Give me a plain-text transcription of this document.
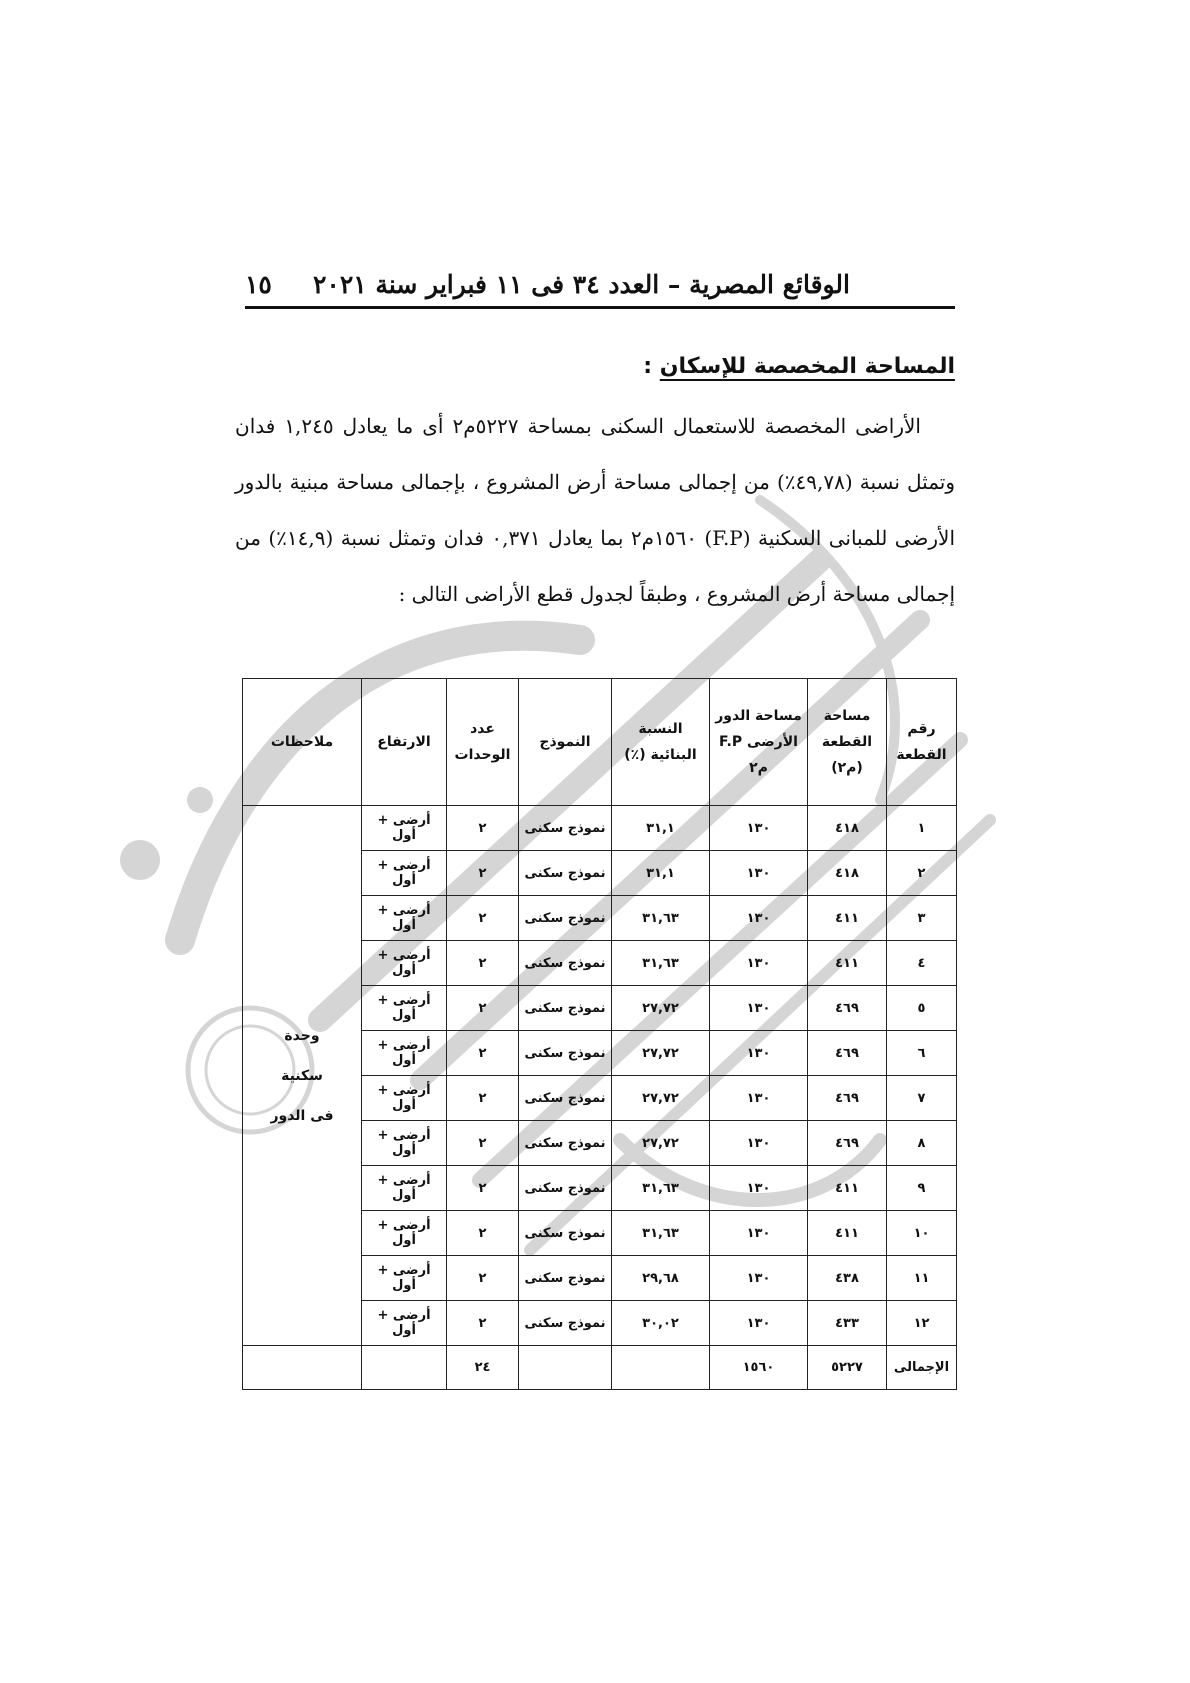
الوقائع المصرية – العدد ٣٤ فى ١١ فبراير سنة ٢٠٢١
١٥
المساحة المخصصة للإسكان :

الأراضى المخصصة للاستعمال السكنى بمساحة ٥٢٢٧م٢ أى ما يعادل ١,٢٤٥ فدان وتمثل نسبة (٤٩,٧٨٪) من إجمالى مساحة أرض المشروع ، بإجمالى مساحة مبنية بالدور الأرضى للمبانى السكنية (F.P) ١٥٦٠م٢ بما يعادل ٠,٣٧١ فدان وتمثل نسبة (١٤,٩٪) من إجمالى مساحة أرض المشروع ، وطبقاً لجدول قطع الأراضى التالى :

رقم القطعة	مساحة القطعة (م٢)	مساحة الدور الأرضى F.P م٢	النسبة البنائية (٪)	النموذج	عدد الوحدات	الارتفاع	ملاحظات
١	٤١٨	١٣٠	٣١,١	نموذج سكنى	٢	أرضى + أول	وحدة
سكنية
فى الدور

٢	٤١٨	١٣٠	٣١,١	نموذج سكنى	٢	أرضى + أول	
٣	٤١١	١٣٠	٣١,٦٣	نموذج سكنى	٢	أرضى + أول	
٤	٤١١	١٣٠	٣١,٦٣	نموذج سكنى	٢	أرضى + أول	
٥	٤٦٩	١٣٠	٢٧,٧٢	نموذج سكنى	٢	أرضى + أول	
٦	٤٦٩	١٣٠	٢٧,٧٢	نموذج سكنى	٢	أرضى + أول	
٧	٤٦٩	١٣٠	٢٧,٧٢	نموذج سكنى	٢	أرضى + أول	
٨	٤٦٩	١٣٠	٢٧,٧٢	نموذج سكنى	٢	أرضى + أول	
٩	٤١١	١٣٠	٣١,٦٣	نموذج سكنى	٢	أرضى + أول	
١٠	٤١١	١٣٠	٣١,٦٣	نموذج سكنى	٢	أرضى + أول	
١١	٤٣٨	١٣٠	٢٩,٦٨	نموذج سكنى	٢	أرضى + أول	
١٢	٤٣٣	١٣٠	٣٠,٠٢	نموذج سكنى	٢	أرضى + أول	
الإجمالى	٥٢٢٧	١٥٦٠			٢٤		
